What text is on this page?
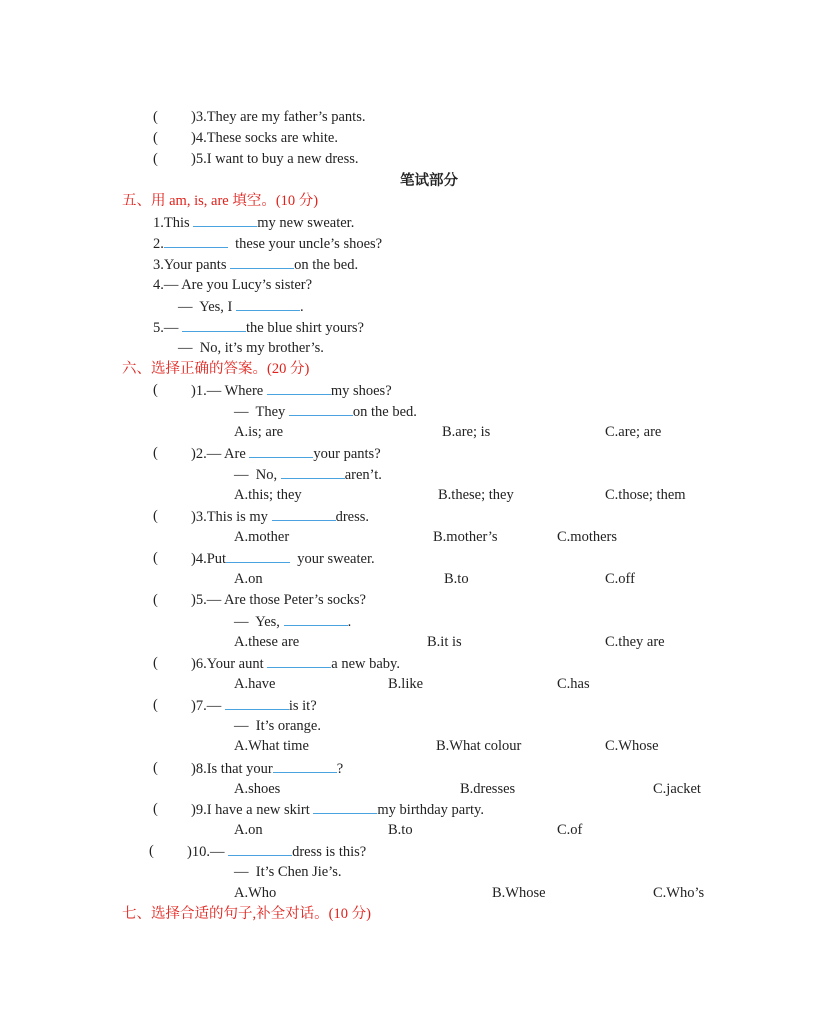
( )3.They are my father’s pants.
( )4.These socks are white.
( )5.I want to buy a new dress.
笔试部分
五、用 am, is, are 填空。(10 分)
1.This	my new sweater.
2.	these your uncle’s shoes?
3.Your pants	on the bed.
4.— Are you Lucy’s sister?
—  Yes, I	.
5.—	the blue shirt yours?
—  No, it’s my brother’s.
六、选择正确的答案。(20 分)
( )1.— Where	my shoes?
—  They	on the bed.
A.is; are	B.are; is	C.are; are
( )2.— Are	your pants?
—  No,	aren’t.
A.this; they	B.these; they	C.those; them
( )3.This is my	dress.
A.mother	B.mother’s	C.mothers
( )4.Put	your sweater.
A.on	B.to	C.off
( )5.— Are those Peter’s socks?
—  Yes,	.
A.these are	B.it is	C.they are
( )6.Your aunt	a new baby.
A.have	B.like	C.has
( )7.—	is it?
—  It’s orange.
A.What time	B.What colour	C.Whose
( )8.Is that your	?
A.shoes	B.dresses	C.jacket
( )9.I have a new skirt	my birthday party.
A.on	B.to	C.of
( )10.—	dress is this?
—  It’s Chen Jie’s.
A.Who	B.Whose	C.Who’s
七、选择合适的句子,补全对话。(10 分)
